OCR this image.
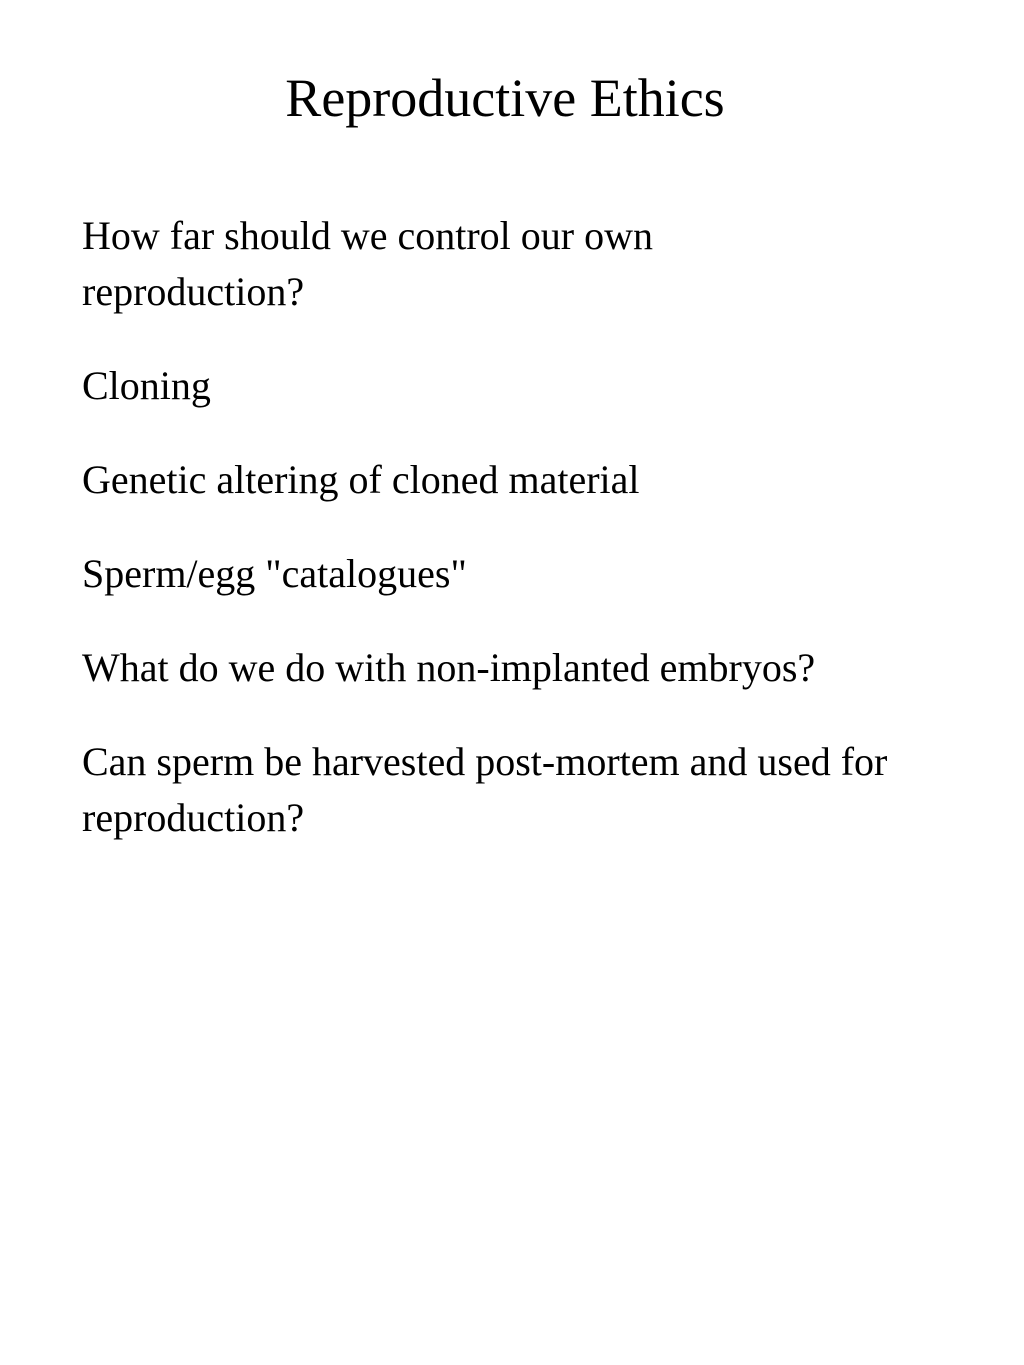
Reproductive Ethics
How far should we control our own reproduction?
Cloning
Genetic altering of cloned material
Sperm/egg "catalogues"
What do we do with non-implanted embryos?
Can sperm be harvested post-mortem and used for reproduction?
